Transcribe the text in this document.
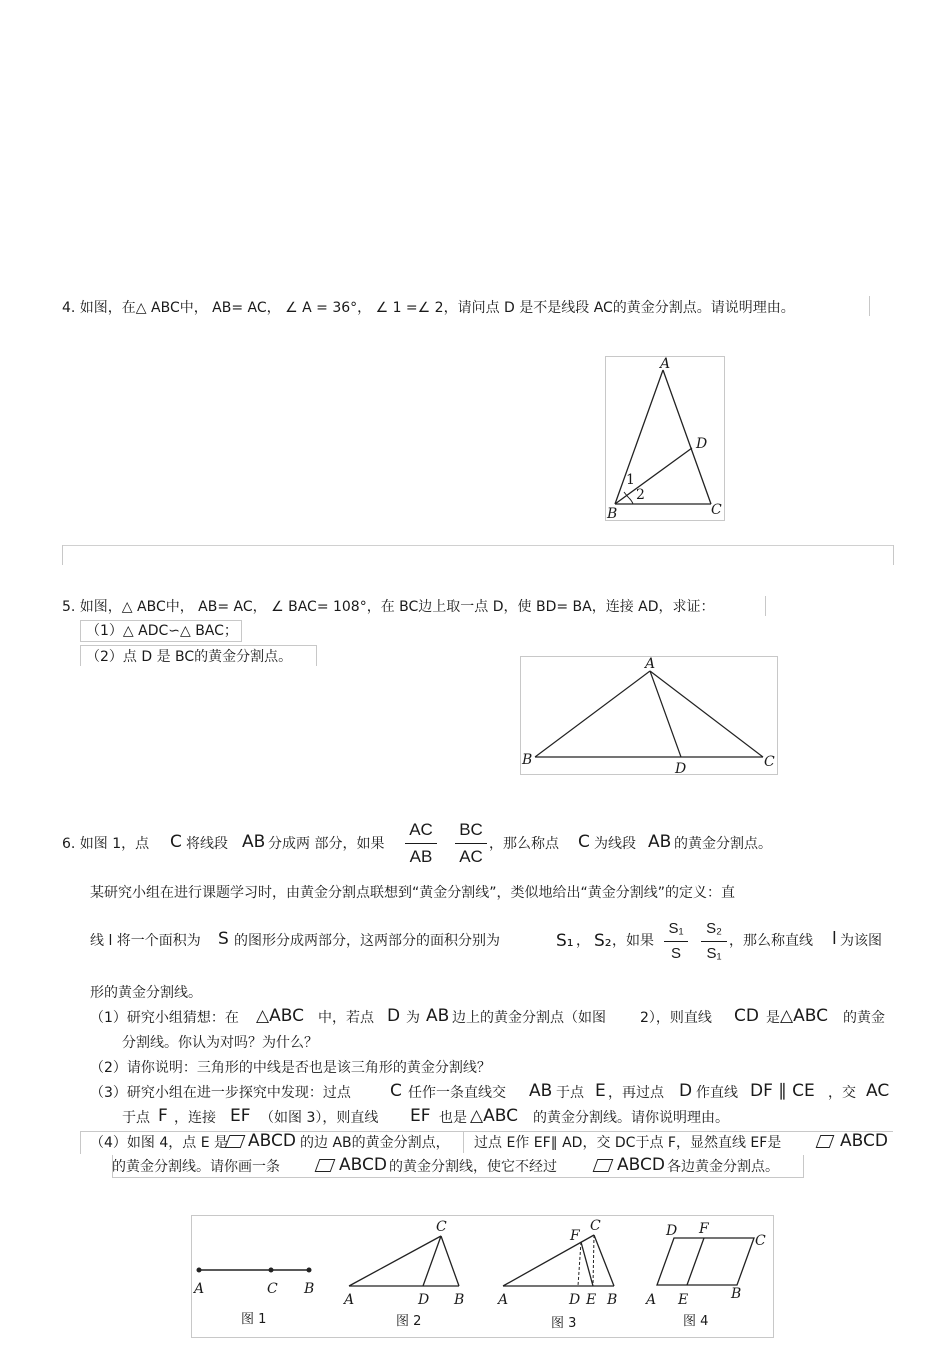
4. 如图，在△ ABC中， AB= AC， ∠ A = 36°， ∠ 1 =∠ 2，请问点 D 是不是线段 AC的黄金分割点。请说明理由。
A
B	C
D
1
2
5. 如图，△ ABC中， AB= AC， ∠ BAC= 108°，在 BC边上取一点 D，使 BD= BA，连接 AD，求证：
（1）△ ADC∽△ BAC；
（2）点 D 是 BC的黄金分割点。	A
B	C
D
6. 如图 1，点 C 将线段 AB 分成两 部分，如果
AC
AB
BC
AC
，那么称点 C 为线段 AB 的黄金分割点。
某研究小组在进行课题学习时，由黄金分割点联想到“黄金分割线”，类似地给出“黄金分割线”的定义：直
线 l 将一个面积为 S 的图形分成两部分，这两部分的面积分别为	S₁ ， S₂ ，如果
S₁
S
S₂
S₁
，那么称直线 l 为该图
形的黄金分割线。
（1）研究小组猜想：在 △ABC 中，若点 D 为 AB 边上的黄金分割点（如图 2），则直线 CD 是 △ABC 的黄金
分割线。你认为对吗？为什么？
（2）请你说明：三角形的中线是否也是该三角形的黄金分割线？
（3）研究小组在进一步探究中发现：过点 C 任作一条直线交 AB 于点 E ，再过点 D 作直线 DF ∥ CE ，交 AC
于点 F ，连接 EF （如图 3），则直线 EF 也是 △ABC 的黄金分割线。请你说明理由。
（4）如图 4，点 E 是 ABCD 的边 AB的黄金分割点， 过点 E作 EF∥ AD，交 DC于点 F，显然直线 EF是	ABCD
的黄金分割线。请你画一条	ABCD 的黄金分割线，使它不经过	ABCD 各边黄金分割点。
A	C B
图 1
A	D B
C
图 2
A	D E B
F
C
图 3
A E	B
D F
C
图 4
